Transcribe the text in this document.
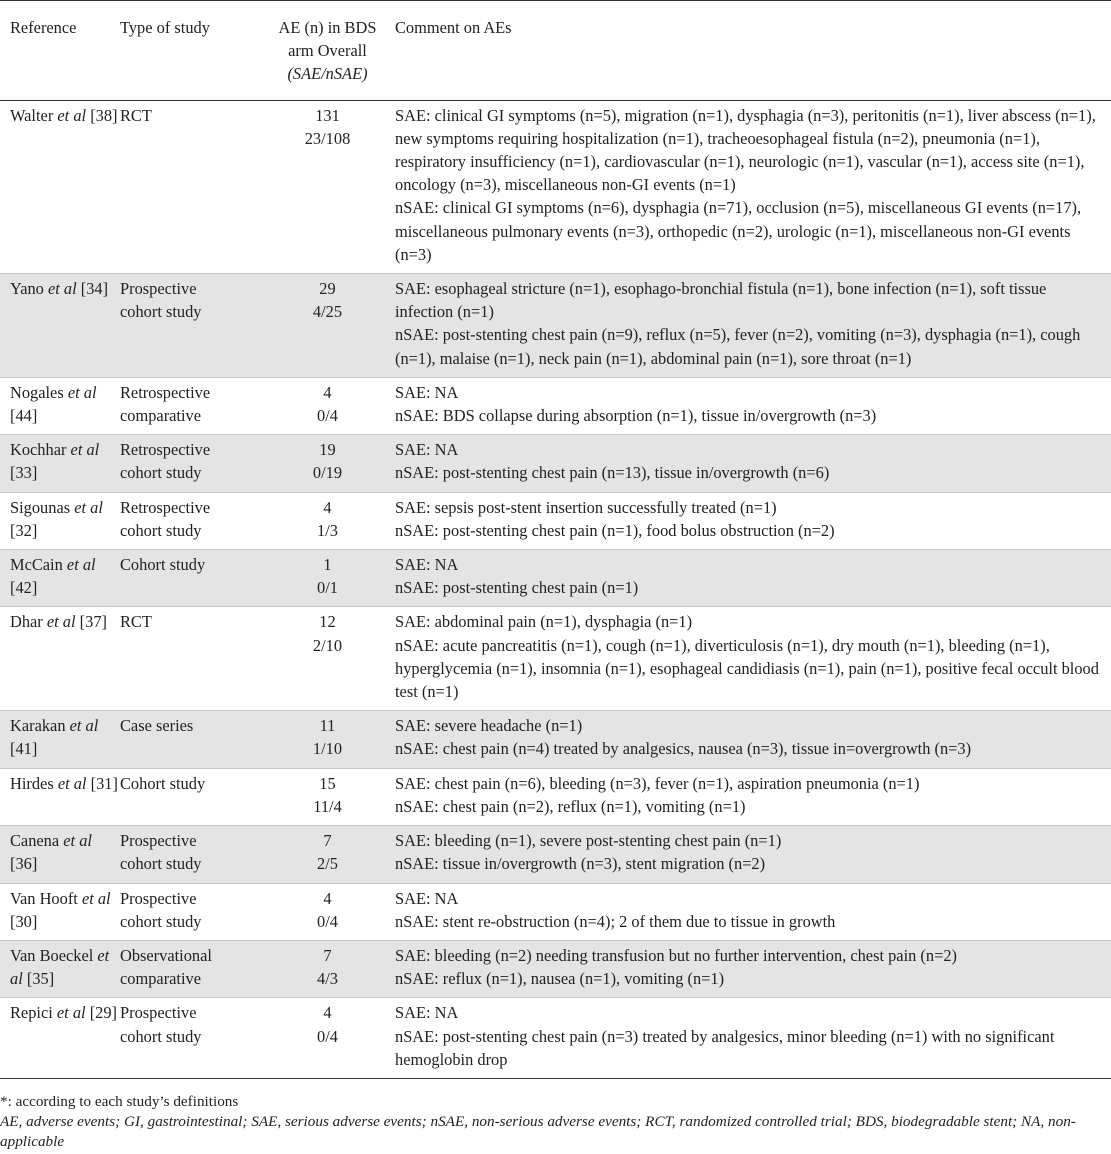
Reference	Type of study	AE (n) in BDS
arm Overall
(SAE/nSAE)	Comment on AEs
Walter et al [38]	RCT	131
23/108	SAE: clinical GI symptoms (n=5), migration (n=1), dysphagia (n=3), peritonitis (n=1), liver abscess (n=1), new symptoms requiring hospitalization (n=1), tracheoesophageal fistula (n=2), pneumonia (n=1), respiratory insufficiency (n=1), cardiovascular (n=1), neurologic (n=1), vascular (n=1), access site (n=1), oncology (n=3), miscellaneous non-GI events (n=1)
nSAE: clinical GI symptoms (n=6), dysphagia (n=71), occlusion (n=5), miscellaneous GI events (n=17), miscellaneous pulmonary events (n=3), orthopedic (n=2), urologic (n=1), miscellaneous non-GI events (n=3)

Yano et al [34]	Prospective
cohort study	29
4/25	SAE: esophageal stricture (n=1), esophago-bronchial fistula (n=1), bone infection (n=1), soft tissue infection (n=1)
nSAE: post-stenting chest pain (n=9), reflux (n=5), fever (n=2), vomiting (n=3), dysphagia (n=1), cough (n=1), malaise (n=1), neck pain (n=1), abdominal pain (n=1), sore throat (n=1)

Nogales et al [44]	Retrospective
comparative	4
0/4	SAE: NA
nSAE: BDS collapse during absorption (n=1), tissue in/overgrowth (n=3)

Kochhar et al [33]	Retrospective
cohort study	19
0/19	SAE: NA
nSAE: post-stenting chest pain (n=13), tissue in/overgrowth (n=6)

Sigounas et al [32]	Retrospective
cohort study	4
1/3	SAE: sepsis post-stent insertion successfully treated (n=1)
nSAE: post-stenting chest pain (n=1), food bolus obstruction (n=2)

McCain et al [42]	Cohort study	1
0/1	SAE: NA
nSAE: post-stenting chest pain (n=1)

Dhar et al [37]	RCT	12
2/10	SAE: abdominal pain (n=1), dysphagia (n=1)
nSAE: acute pancreatitis (n=1), cough (n=1), diverticulosis (n=1), dry mouth (n=1), bleeding (n=1), hyperglycemia (n=1), insomnia (n=1), esophageal candidiasis (n=1), pain (n=1), positive fecal occult blood test (n=1)

Karakan et al [41]	Case series	11
1/10	SAE: severe headache (n=1)
nSAE: chest pain (n=4) treated by analgesics, nausea (n=3), tissue in=overgrowth (n=3)

Hirdes et al [31]	Cohort study	15
11/4	SAE: chest pain (n=6), bleeding (n=3), fever (n=1), aspiration pneumonia (n=1)
nSAE: chest pain (n=2), reflux (n=1), vomiting (n=1)

Canena et al [36]	Prospective
cohort study	7
2/5	SAE: bleeding (n=1), severe post-stenting chest pain (n=1)
nSAE: tissue in/overgrowth (n=3), stent migration (n=2)

Van Hooft et al [30]	Prospective
cohort study	4
0/4	SAE: NA
nSAE: stent re-obstruction (n=4); 2 of them due to tissue in growth

Van Boeckel et al [35]	Observational
comparative	7
4/3	SAE: bleeding (n=2) needing transfusion but no further intervention, chest pain (n=2)
nSAE: reflux (n=1), nausea (n=1), vomiting (n=1)

Repici et al [29]	Prospective
cohort study	4
0/4	SAE: NA
nSAE: post-stenting chest pain (n=3) treated by analgesics, minor bleeding (n=1) with no significant hemoglobin drop

*: according to each study’s definitions

AE, adverse events; GI, gastrointestinal; SAE, serious adverse events; nSAE, non-serious adverse events; RCT, randomized controlled trial; BDS, biodegradable stent; NA, non-applicable
